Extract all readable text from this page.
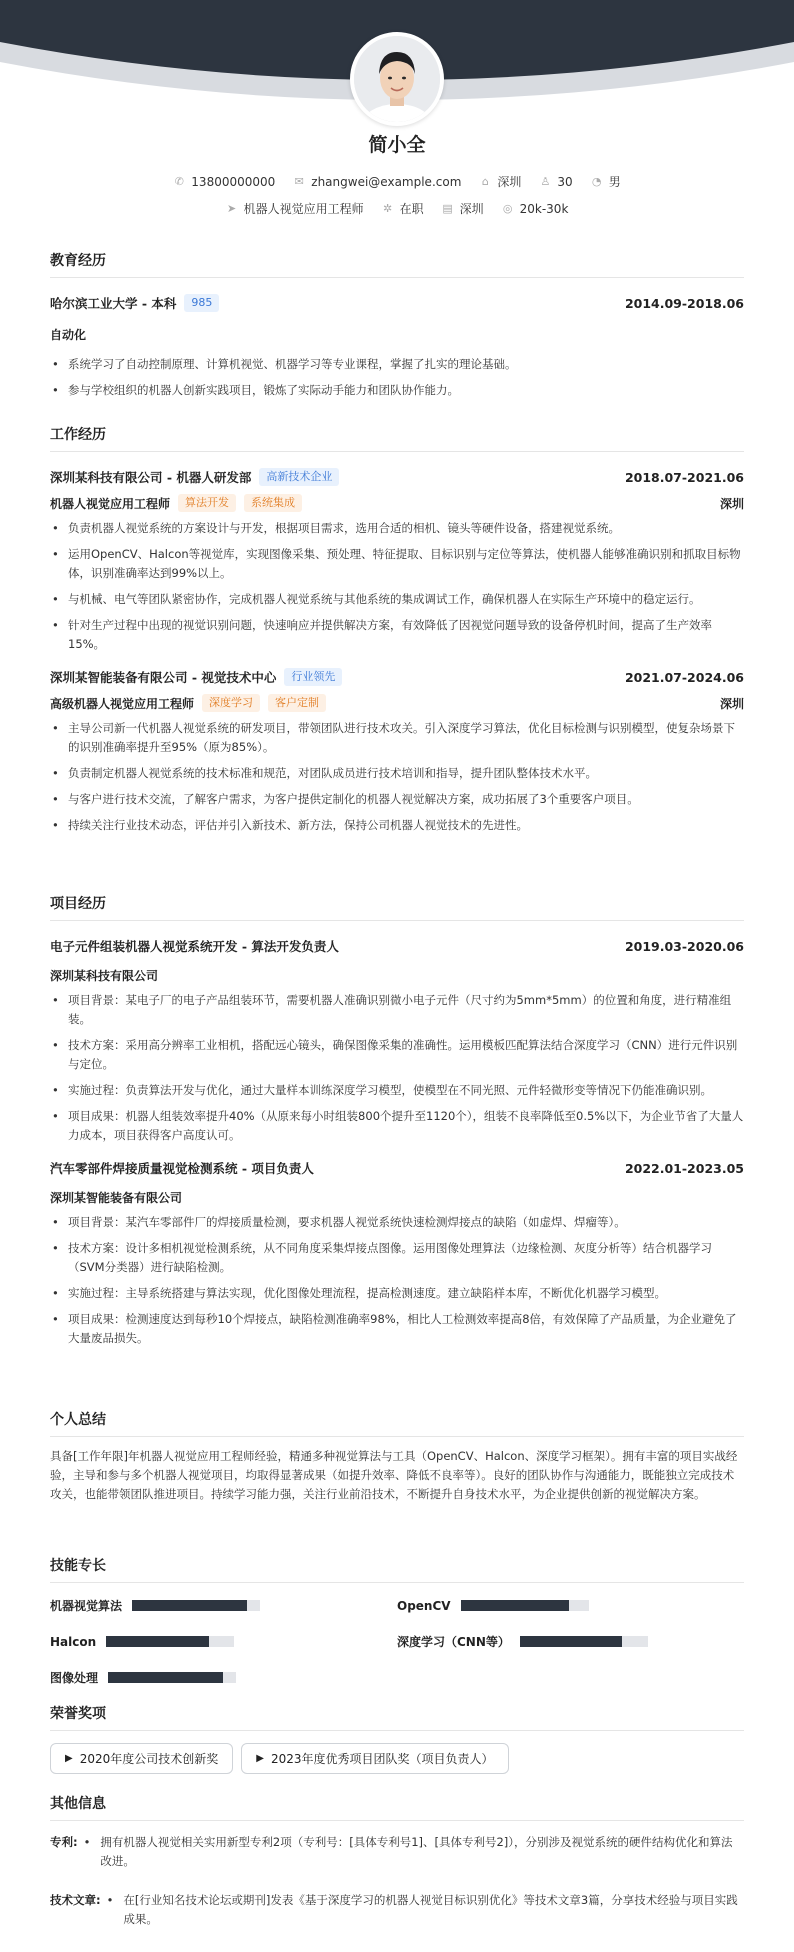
简小全
✆ 13800000000 ✉ zhangwei@example.com ⌂ 深圳 ♙ 30 ◔ 男
➤ 机器人视觉应用工程师 ✲ 在职 ▤ 深圳 ◎ 20k-30k
教育经历
哈尔滨工业大学 - 本科	985	2014.09-2018.06
自动化
• 系统学习了自动控制原理、计算机视觉、机器学习等专业课程，掌握了扎实的理论基础。
• 参与学校组织的机器人创新实践项目，锻炼了实际动手能力和团队协作能力。
工作经历
深圳某科技有限公司 - 机器人研发部	高新技术企业	2018.07-2021.06
机器人视觉应用工程师	算法开发	系统集成	深圳
• 负责机器人视觉系统的方案设计与开发，根据项目需求，选用合适的相机、镜头等硬件设备，搭建视觉系统。
• 运用OpenCV、Halcon等视觉库，实现图像采集、预处理、特征提取、目标识别与定位等算法，使机器人能够准确识别和抓取目标物体，识别准确率达到99%以上。
• 与机械、电气等团队紧密协作，完成机器人视觉系统与其他系统的集成调试工作，确保机器人在实际生产环境中的稳定运行。
• 针对生产过程中出现的视觉识别问题，快速响应并提供解决方案，有效降低了因视觉问题导致的设备停机时间，提高了生产效率15%。
深圳某智能装备有限公司 - 视觉技术中心	行业领先	2021.07-2024.06
高级机器人视觉应用工程师	深度学习	客户定制	深圳
• 主导公司新一代机器人视觉系统的研发项目，带领团队进行技术攻关。引入深度学习算法，优化目标检测与识别模型，使复杂场景下的识别准确率提升至95%（原为85%）。
• 负责制定机器人视觉系统的技术标准和规范，对团队成员进行技术培训和指导，提升团队整体技术水平。
• 与客户进行技术交流，了解客户需求，为客户提供定制化的机器人视觉解决方案，成功拓展了3个重要客户项目。
• 持续关注行业技术动态，评估并引入新技术、新方法，保持公司机器人视觉技术的先进性。
项目经历
电子元件组装机器人视觉系统开发 - 算法开发负责人	2019.03-2020.06
深圳某科技有限公司
• 项目背景：某电子厂的电子产品组装环节，需要机器人准确识别微小电子元件（尺寸约为5mm*5mm）的位置和角度，进行精准组装。
• 技术方案：采用高分辨率工业相机，搭配远心镜头，确保图像采集的准确性。运用模板匹配算法结合深度学习（CNN）进行元件识别与定位。
• 实施过程：负责算法开发与优化，通过大量样本训练深度学习模型，使模型在不同光照、元件轻微形变等情况下仍能准确识别。
• 项目成果：机器人组装效率提升40%（从原来每小时组装800个提升至1120个），组装不良率降低至0.5%以下，为企业节省了大量人力成本，项目获得客户高度认可。
汽车零部件焊接质量视觉检测系统 - 项目负责人	2022.01-2023.05
深圳某智能装备有限公司
• 项目背景：某汽车零部件厂的焊接质量检测，要求机器人视觉系统快速检测焊接点的缺陷（如虚焊、焊瘤等）。
• 技术方案：设计多相机视觉检测系统，从不同角度采集焊接点图像。运用图像处理算法（边缘检测、灰度分析等）结合机器学习（SVM分类器）进行缺陷检测。
• 实施过程：主导系统搭建与算法实现，优化图像处理流程，提高检测速度。建立缺陷样本库，不断优化机器学习模型。
• 项目成果：检测速度达到每秒10个焊接点，缺陷检测准确率98%，相比人工检测效率提高8倍，有效保障了产品质量，为企业避免了大量废品损失。
个人总结
具备[工作年限]年机器人视觉应用工程师经验，精通多种视觉算法与工具（OpenCV、Halcon、深度学习框架）。拥有丰富的项目实战经验，主导和参与多个机器人视觉项目，均取得显著成果（如提升效率、降低不良率等）。良好的团队协作与沟通能力，既能独立完成技术攻关，也能带领团队推进项目。持续学习能力强，关注行业前沿技术，不断提升自身技术水平，为企业提供创新的视觉解决方案。
技能专长
机器视觉算法	OpenCV
Halcon	深度学习（CNN等）
图像处理
荣誉奖项
▶ 2020年度公司技术创新奖	▶ 2023年度优秀项目团队奖（项目负责人）
其他信息
专利: • 拥有机器人视觉相关实用新型专利2项（专利号：[具体专利号1]、[具体专利号2]），分别涉及视觉系统的硬件结构优化和算法改进。
技术文章: • 在[行业知名技术论坛或期刊]发表《基于深度学习的机器人视觉目标识别优化》等技术文章3篇，分享技术经验与项目实践成果。
